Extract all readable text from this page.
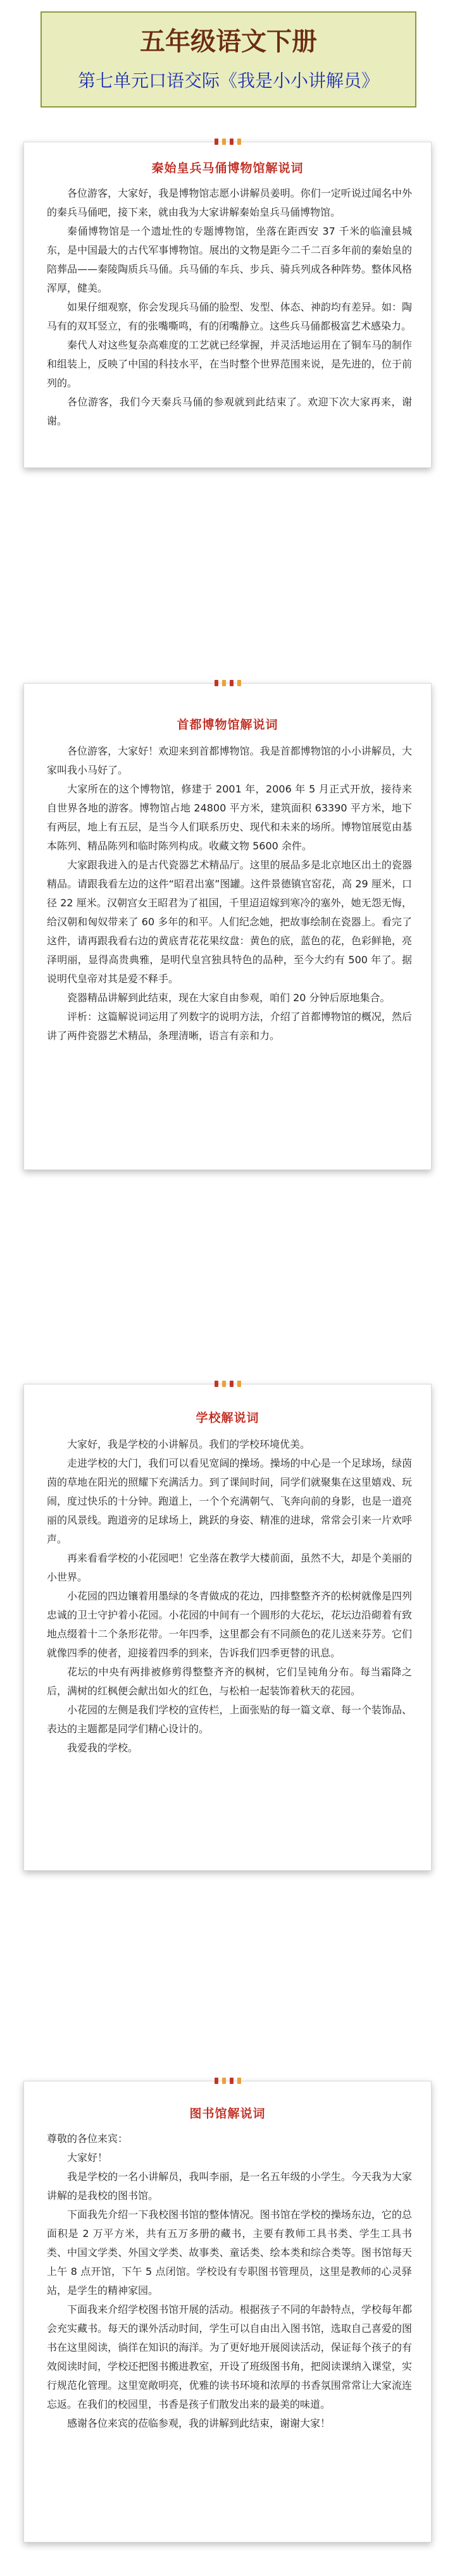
五年级语文下册
第七单元口语交际《我是小小讲解员》
秦始皇兵马俑博物馆解说词

各位游客，大家好，我是博物馆志愿小讲解员姜明。你们一定听说过闻名中外的秦兵马俑吧，接下来，就由我为大家讲解秦始皇兵马俑博物馆。

秦俑博物馆是一个遗址性的专题博物馆，坐落在距西安 37 千米的临潼县城东，是中国最大的古代军事博物馆。展出的文物是距今二千二百多年前的秦始皇的陪葬品——秦陵陶质兵马俑。兵马俑的车兵、步兵、骑兵列成各种阵势。整体风格浑厚，健美。

如果仔细观察，你会发现兵马俑的脸型、发型、体态、神韵均有差异。如：陶马有的双耳竖立，有的张嘴嘶鸣，有的闭嘴静立。这些兵马俑都极富艺术感染力。

秦代人对这些复杂高难度的工艺就已经掌握，并灵活地运用在了铜车马的制作和组装上，反映了中国的科技水平，在当时整个世界范围来说，是先进的，位于前列的。

各位游客，我们今天秦兵马俑的参观就到此结束了。欢迎下次大家再来，谢谢。

首都博物馆解说词

各位游客，大家好！欢迎来到首都博物馆。我是首都博物馆的小小讲解员，大家叫我小马好了。

大家所在的这个博物馆，修建于 2001 年，2006 年 5 月正式开放，接待来自世界各地的游客。博物馆占地 24800 平方米，建筑面积 63390 平方米，地下有两层，地上有五层，是当今人们联系历史、现代和未来的场所。博物馆展览由基本陈列、精品陈列和临时陈列构成。收藏文物 5600 余件。

大家跟我进入的是古代瓷器艺术精品厅。这里的展品多是北京地区出土的瓷器精品。请跟我看左边的这件“昭君出塞”图罐。这件景德镇官窑花，高 29 厘米，口径 22 厘米。汉朝宫女王昭君为了祖国，千里迢迢嫁到寒冷的塞外，她无怨无悔，给汉朝和匈奴带来了 60 多年的和平。人们纪念她，把故事绘制在瓷器上。看完了这件，请再跟我看右边的黄底青花花果纹盘：黄色的底，蓝色的花，色彩鲜艳，亮泽明丽，显得高贵典雅，是明代皇宫独具特色的品种，至今大约有 500 年了。据说明代皇帝对其是爱不释手。

瓷器精品讲解到此结束，现在大家自由参观，咱们 20 分钟后原地集合。

评析：这篇解说词运用了列数字的说明方法，介绍了首都博物馆的概况，然后讲了两件瓷器艺术精品，条理清晰，语言有亲和力。

学校解说词

大家好，我是学校的小讲解员。我们的学校环境优美。

走进学校的大门，我们可以看见宽阔的操场。操场的中心是一个足球场，绿茵茵的草地在阳光的照耀下充满活力。到了课间时间，同学们就聚集在这里嬉戏、玩闹，度过快乐的十分钟。跑道上，一个个充满朝气、飞奔向前的身影，也是一道亮丽的风景线。跑道旁的足球场上，跳跃的身姿、精准的进球，常常会引来一片欢呼声。

再来看看学校的小花园吧！它坐落在教学大楼前面，虽然不大，却是个美丽的小世界。

小花园的四边镶着用墨绿的冬青做成的花边，四排整整齐齐的松树就像是四列忠诚的卫士守护着小花园。小花园的中间有一个圆形的大花坛，花坛边沿砌着有致地点缀着十二个条形花带。一年四季，这里都会有不同颜色的花儿送来芬芳。它们就像四季的使者，迎接着四季的到来，告诉我们四季更替的讯息。

花坛的中央有两排被修剪得整整齐齐的枫树，它们呈钝角分布。每当霜降之后，满树的红枫便会献出如火的红色，与松柏一起装饰着秋天的花园。

小花园的左侧是我们学校的宣传栏，上面张贴的每一篇文章、每一个装饰品、表达的主题都是同学们精心设计的。

我爱我的学校。

图书馆解说词

尊敬的各位来宾：

大家好！

我是学校的一名小讲解员，我叫李丽，是一名五年级的小学生。今天我为大家讲解的是我校的图书馆。

下面我先介绍一下我校图书馆的整体情况。图书馆在学校的操场东边，它的总面积是 2 万平方米，共有五万多册的藏书，主要有教师工具书类、学生工具书类、中国文学类、外国文学类、故事类、童话类、绘本类和综合类等。图书馆每天上午 8 点开馆，下午 5 点闭馆。学校设有专职图书管理员，这里是教师的心灵驿站，是学生的精神家园。

下面我来介绍学校图书馆开展的活动。根据孩子不同的年龄特点，学校每年都会充实藏书。每天的课外活动时间，学生可以自由出入图书馆，选取自己喜爱的图书在这里阅读，徜徉在知识的海洋。为了更好地开展阅读活动，保证每个孩子的有效阅读时间，学校还把图书搬进教室，开设了班级图书角，把阅读课纳入课堂，实行规范化管理。这里宽敞明亮，优雅的读书环境和浓厚的书香氛围常常让大家流连忘返。在我们的校园里，书香是孩子们散发出来的最美的味道。

感谢各位来宾的莅临参观，我的讲解到此结束，谢谢大家！
